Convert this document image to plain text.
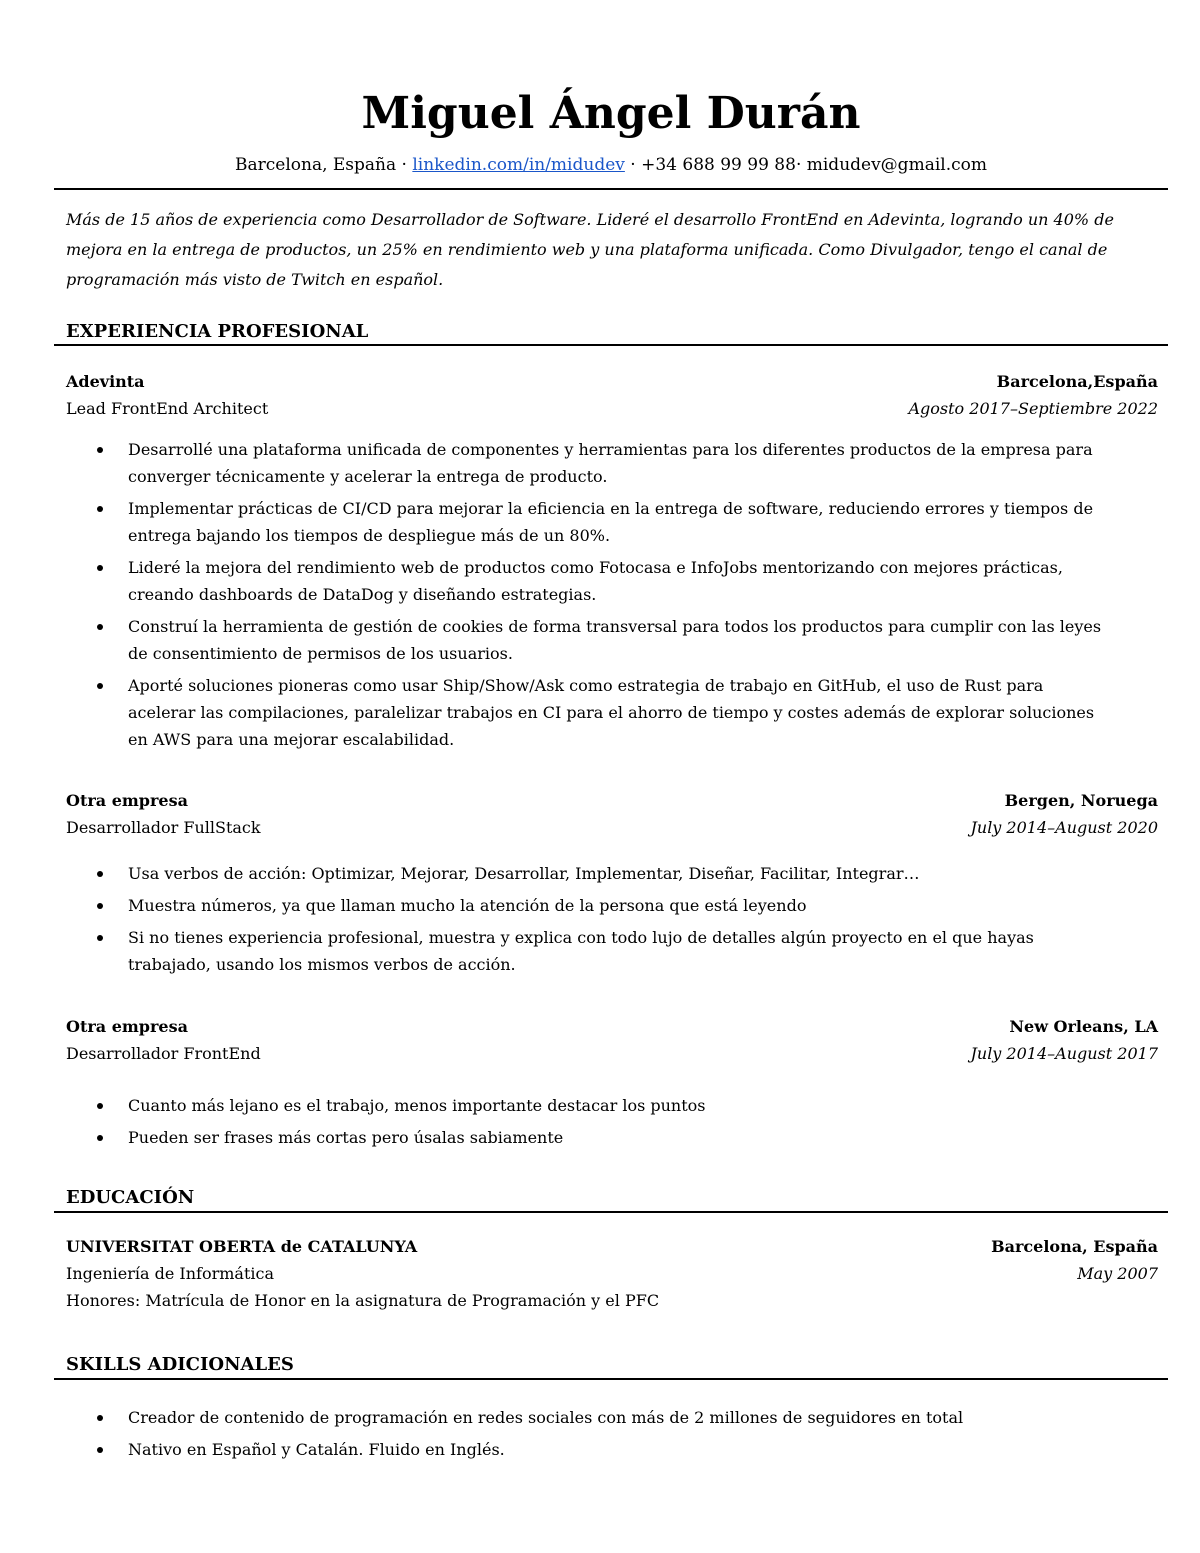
Miguel Ángel Durán
Barcelona, España · linkedin.com/in/midudev · +34 688 99 99 88· midudev@gmail.com
Más de 15 años de experiencia como Desarrollador de Software. Lideré el desarrollo FrontEnd en Adevinta, logrando un 40% de mejora en la entrega de productos, un 25% en rendimiento web y una plataforma unificada. Como Divulgador, tengo el canal de programación más visto de Twitch en español.
EXPERIENCIA PROFESIONAL
Adevinta	Barcelona,España
Lead FrontEnd Architect	Agosto 2017–Septiembre 2022
Desarrollé una plataforma unificada de componentes y herramientas para los diferentes productos de la empresa para converger técnicamente y acelerar la entrega de producto.
Implementar prácticas de CI/CD para mejorar la eficiencia en la entrega de software, reduciendo errores y tiempos de entrega bajando los tiempos de despliegue más de un 80%.
Lideré la mejora del rendimiento web de productos como Fotocasa e InfoJobs mentorizando con mejores prácticas, creando dashboards de DataDog y diseñando estrategias.
Construí la herramienta de gestión de cookies de forma transversal para todos los productos para cumplir con las leyes de consentimiento de permisos de los usuarios.
Aporté soluciones pioneras como usar Ship/Show/Ask como estrategia de trabajo en GitHub, el uso de Rust para acelerar las compilaciones, paralelizar trabajos en CI para el ahorro de tiempo y costes además de explorar soluciones en AWS para una mejorar escalabilidad.
Otra empresa	Bergen, Noruega
Desarrollador FullStack	July 2014–August 2020
Usa verbos de acción: Optimizar, Mejorar, Desarrollar, Implementar, Diseñar, Facilitar, Integrar…
Muestra números, ya que llaman mucho la atención de la persona que está leyendo
Si no tienes experiencia profesional, muestra y explica con todo lujo de detalles algún proyecto en el que hayas trabajado, usando los mismos verbos de acción.
Otra empresa	New Orleans, LA
Desarrollador FrontEnd	July 2014–August 2017
Cuanto más lejano es el trabajo, menos importante destacar los puntos
Pueden ser frases más cortas pero úsalas sabiamente
EDUCACIÓN
UNIVERSITAT OBERTA de CATALUNYA	Barcelona, España
Ingeniería de Informática	May 2007
Honores: Matrícula de Honor en la asignatura de Programación y el PFC
SKILLS ADICIONALES
Creador de contenido de programación en redes sociales con más de 2 millones de seguidores en total
Nativo en Español y Catalán. Fluido en Inglés.
